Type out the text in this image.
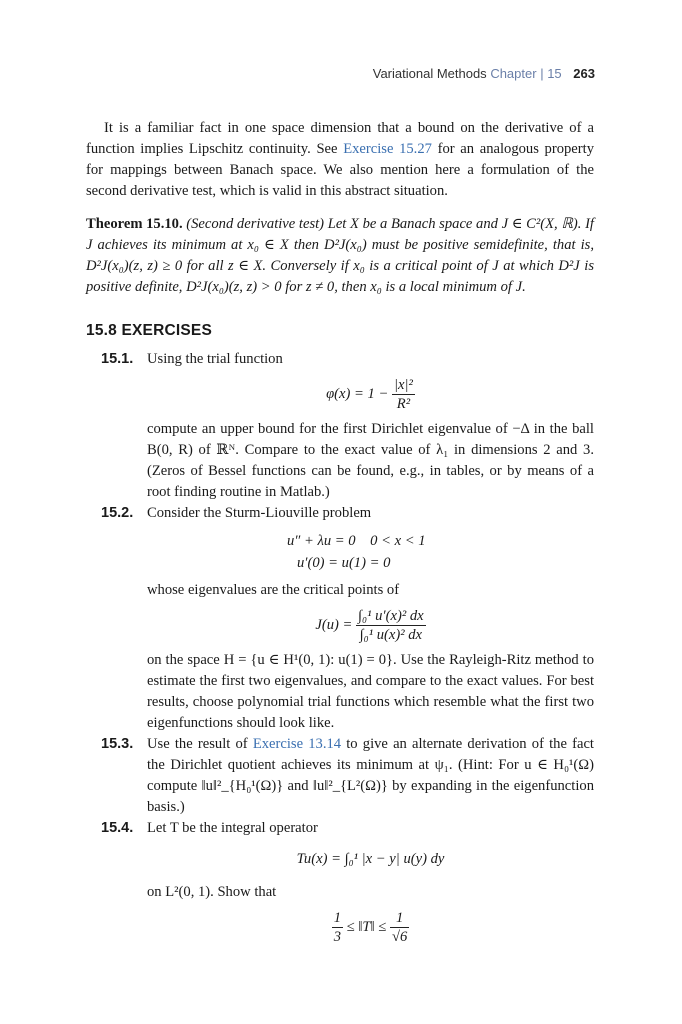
Variational Methods Chapter | 15 263

It is a familiar fact in one space dimension that a bound on the derivative of a function implies Lipschitz continuity. See Exercise 15.27 for an analogous property for mappings between Banach space. We also mention here a formulation of the second derivative test, which is valid in this abstract situation.

Theorem 15.10. (Second derivative test) Let X be a Banach space and J ∈ C²(X, ℝ). If J achieves its minimum at x₀ ∈ X then D²J(x₀) must be positive semidefinite, that is, D²J(x₀)(z, z) ≥ 0 for all z ∈ X. Conversely if x₀ is a critical point of J at which D²J is positive definite, D²J(x₀)(z, z) > 0 for z ≠ 0, then x₀ is a local minimum of J.

15.8 EXERCISES
15.1. Using the trial function

$\varphi(x) = 1 - \frac{\text{|x|²}}{\text{R²}}$

compute an upper bound for the first Dirichlet eigenvalue of −Δ in the ball B(0, R) of ℝᴺ. Compare to the exact value of λ₁ in dimensions 2 and 3. (Zeros of Bessel functions can be found, e.g., in tables, or by means of a root finding routine in Matlab.)

15.2. Consider the Sturm-Liouville problem

u″ + λu = 0    0 < x < 1
u′(0) = u(1) = 0

whose eigenvalues are the critical points of

$J(u) = \frac{\text{∫₀¹ u′(x)² dx}}{\text{∫₀¹ u(x)² dx}}$

on the space H = {u ∈ H¹(0, 1): u(1) = 0}. Use the Rayleigh-Ritz method to estimate the first two eigenvalues, and compare to the exact values. For best results, choose polynomial trial functions which resemble what the first two eigenfunctions should look like.

15.3. Use the result of Exercise 13.14 to give an alternate derivation of the fact the Dirichlet quotient achieves its minimum at ψ₁. (Hint: For u ∈ H₀¹(Ω) compute ‖u‖²_{H₀¹(Ω)} and ‖u‖²_{L²(Ω)} by expanding in the eigenfunction basis.)

15.4. Let T be the integral operator

Tu(x) = ∫₀¹ |x − y| u(y) dy

on L²(0, 1). Show that

$\frac{1}{3}$ ≤ ‖T‖ ≤ $\frac{1}{√6}$
